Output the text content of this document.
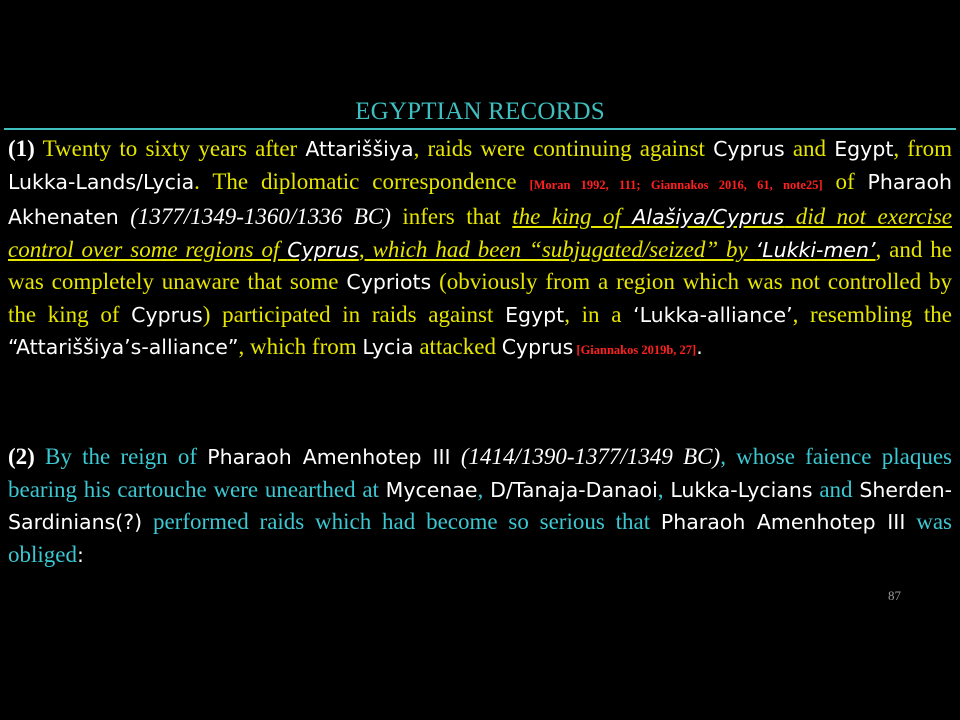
EGYPTIAN RECORDS
(1) Twenty to sixty years after Attariššiya, raids were continuing against Cyprus and Egypt, from Lukka-Lands/Lycia. The diplomatic correspondence [Moran 1992, 111; Giannakos 2016, 61, note25] of Pharaoh Akhenaten (1377/1349-1360/1336 BC) infers that the king of Alašiya/Cyprus did not exercise control over some regions of Cyprus, which had been “subjugated/seized” by ‘Lukki-men’, and he was completely unaware that some Cypriots (obviously from a region which was not controlled by the king of Cyprus) participated in raids against Egypt, in a ‘Lukka-alliance’, resembling the “Attariššiya’s-alliance”, which from Lycia attacked Cyprus [Giannakos 2019b, 27].
(2) By the reign of Pharaoh Amenhotep III (1414/1390-1377/1349 BC), whose faience plaques bearing his cartouche were unearthed at Mycenae, D/Tanaja-Danaoi, Lukka-Lycians and Sherden-Sardinians(?) performed raids which had become so serious that Pharaoh Amenhotep III was obliged:
87
